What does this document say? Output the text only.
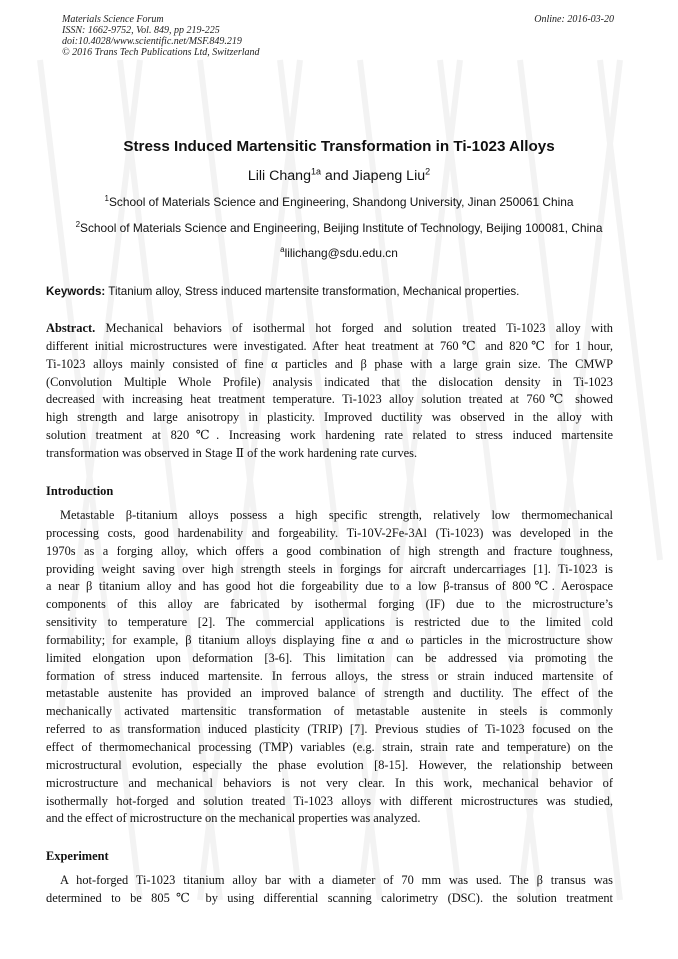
Materials Science Forum
ISSN: 1662-9752, Vol. 849, pp 219-225
doi:10.4028/www.scientific.net/MSF.849.219
© 2016 Trans Tech Publications Ltd, Switzerland
Online: 2016-03-20
Stress Induced Martensitic Transformation in Ti-1023 Alloys
Lili Chang$^{1a}$ and Jiapeng Liu$^2$
$^1$School of Materials Science and Engineering, Shandong University, Jinan 250061 China
$^2$School of Materials Science and Engineering, Beijing Institute of Technology, Beijing 100081, China
$^a$lilichang@sdu.edu.cn
Keywords: Titanium alloy, Stress induced martensite transformation, Mechanical properties.
Abstract. Mechanical behaviors of isothermal hot forged and solution treated Ti-1023 alloy with
different initial microstructures were investigated. After heat treatment at 760℃ and 820℃ for 1 hour,
Ti-1023 alloys mainly consisted of fine α particles and β phase with a large grain size. The CMWP
(Convolution Multiple Whole Profile) analysis indicated that the dislocation density in Ti-1023
decreased with increasing heat treatment temperature. Ti-1023 alloy solution treated at 760℃ showed
high strength and large anisotropy in plasticity. Improved ductility was observed in the alloy with
solution treatment at 820℃. Increasing work hardening rate related to stress induced martensite
transformation was observed in Stage Ⅱ of the work hardening rate curves.
Introduction
Metastable β-titanium alloys possess a high specific strength, relatively low thermomechanical
processing costs, good hardenability and forgeability. Ti-10V-2Fe-3Al (Ti-1023) was developed in the
1970s as a forging alloy, which offers a good combination of high strength and fracture toughness,
providing weight saving over high strength steels in forgings for aircraft undercarriages [1]. Ti-1023 is
a near β titanium alloy and has good hot die forgeability due to a low β-transus of 800℃. Aerospace
components of this alloy are fabricated by isothermal forging (IF) due to the microstructure’s
sensitivity to temperature [2]. The commercial applications is restricted due to the limited cold
formability; for example, β titanium alloys displaying fine α and ω particles in the microstructure show
limited elongation upon deformation [3-6]. This limitation can be addressed via promoting the
formation of stress induced martensite. In ferrous alloys, the stress or strain induced martensite of
metastable austenite has provided an improved balance of strength and ductility. The effect of the
mechanically activated martensitic transformation of metastable austenite in steels is commonly
referred to as transformation induced plasticity (TRIP) [7]. Previous studies of Ti-1023 focused on the
effect of thermomechanical processing (TMP) variables (e.g. strain, strain rate and temperature) on the
microstructural evolution, especially the phase evolution [8-15]. However, the relationship between
microstructure and mechanical behaviors is not very clear. In this work, mechanical behavior of
isothermally hot-forged and solution treated Ti-1023 alloys with different microstructures was studied,
and the effect of microstructure on the mechanical properties was analyzed.
Experiment
A hot-forged Ti-1023 titanium alloy bar with a diameter of 70 mm was used. The β transus was
determined to be 805℃ by using differential scanning calorimetry (DSC). the solution treatment
